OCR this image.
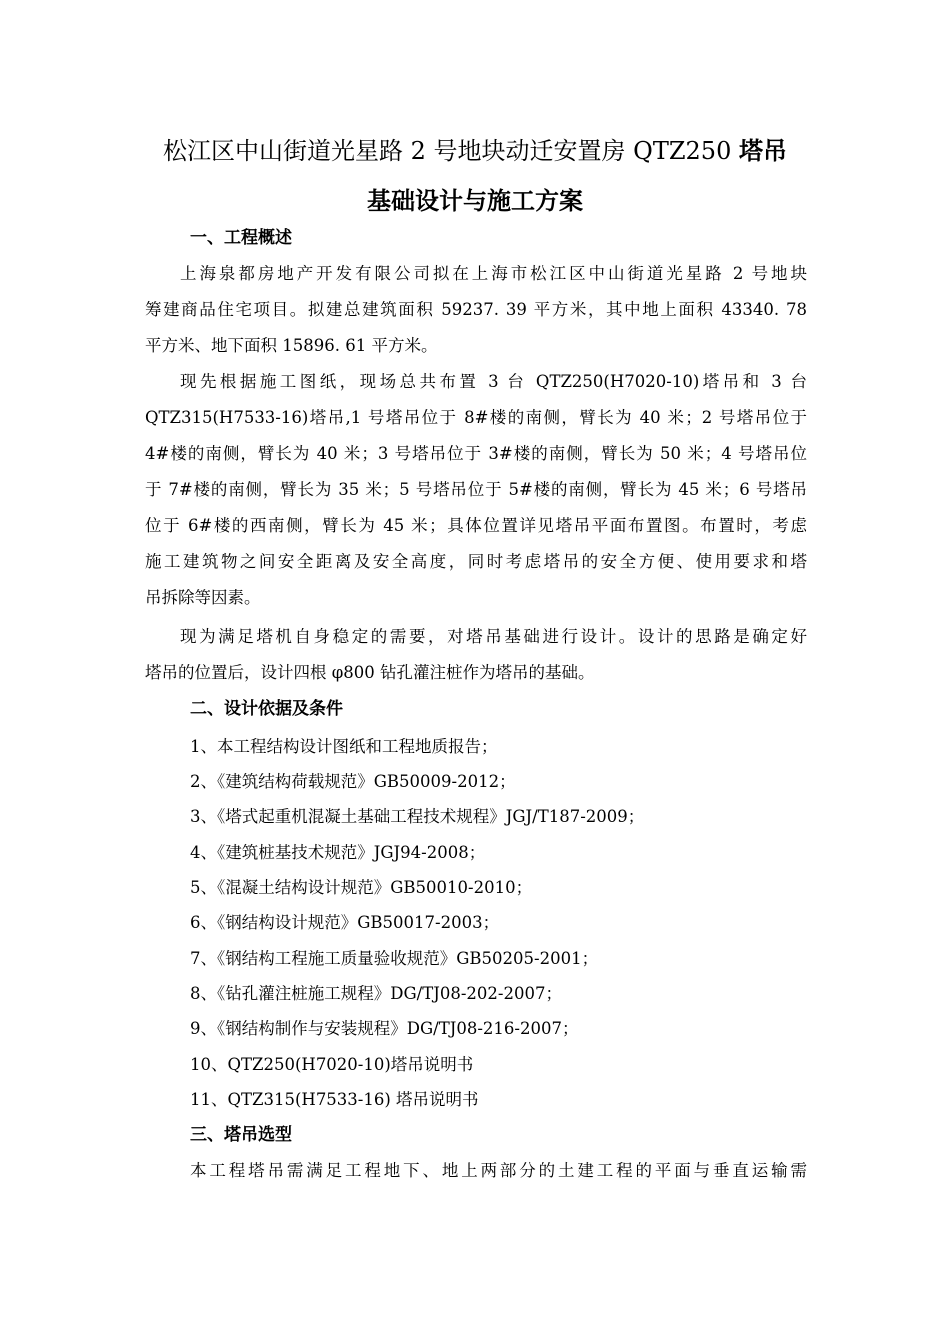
松江区中山街道光星路 2 号地块动迁安置房 QTZ250 塔吊
基础设计与施工方案
一、工程概述
上海泉都房地产开发有限公司拟在上海市松江区中山街道光星路 2 号地块
筹建商品住宅项目。拟建总建筑面积 59237. 39 平方米，其中地上面积 43340. 78
平方米、地下面积 15896. 61 平方米。
现先根据施工图纸，现场总共布置 3 台 QTZ250(H7020-10)塔吊和 3 台
QTZ315(H7533-16)塔吊,1 号塔吊位于 8#楼的南侧，臂长为 40 米；2 号塔吊位于
4#楼的南侧，臂长为 40 米；3 号塔吊位于 3#楼的南侧，臂长为 50 米；4 号塔吊位
于 7#楼的南侧，臂长为 35 米；5 号塔吊位于 5#楼的南侧，臂长为 45 米；6 号塔吊
位于 6#楼的西南侧，臂长为 45 米；具体位置详见塔吊平面布置图。布置时，考虑
施工建筑物之间安全距离及安全高度，同时考虑塔吊的安全方便、使用要求和塔
吊拆除等因素。
现为满足塔机自身稳定的需要，对塔吊基础进行设计。设计的思路是确定好
塔吊的位置后，设计四根 φ800 钻孔灌注桩作为塔吊的基础。
二、设计依据及条件
1、本工程结构设计图纸和工程地质报告；
2、《建筑结构荷载规范》GB50009-2012；
3、《塔式起重机混凝土基础工程技术规程》JGJ/T187-2009；
4、《建筑桩基技术规范》JGJ94-2008；
5、《混凝土结构设计规范》GB50010-2010；
6、《钢结构设计规范》GB50017-2003；
7、《钢结构工程施工质量验收规范》GB50205-2001；
8、《钻孔灌注桩施工规程》DG/TJ08-202-2007；
9、《钢结构制作与安装规程》DG/TJ08-216-2007；
10、QTZ250(H7020-10)塔吊说明书
11、QTZ315(H7533-16) 塔吊说明书
三、塔吊选型
本工程塔吊需满足工程地下、地上两部分的土建工程的平面与垂直运输需
